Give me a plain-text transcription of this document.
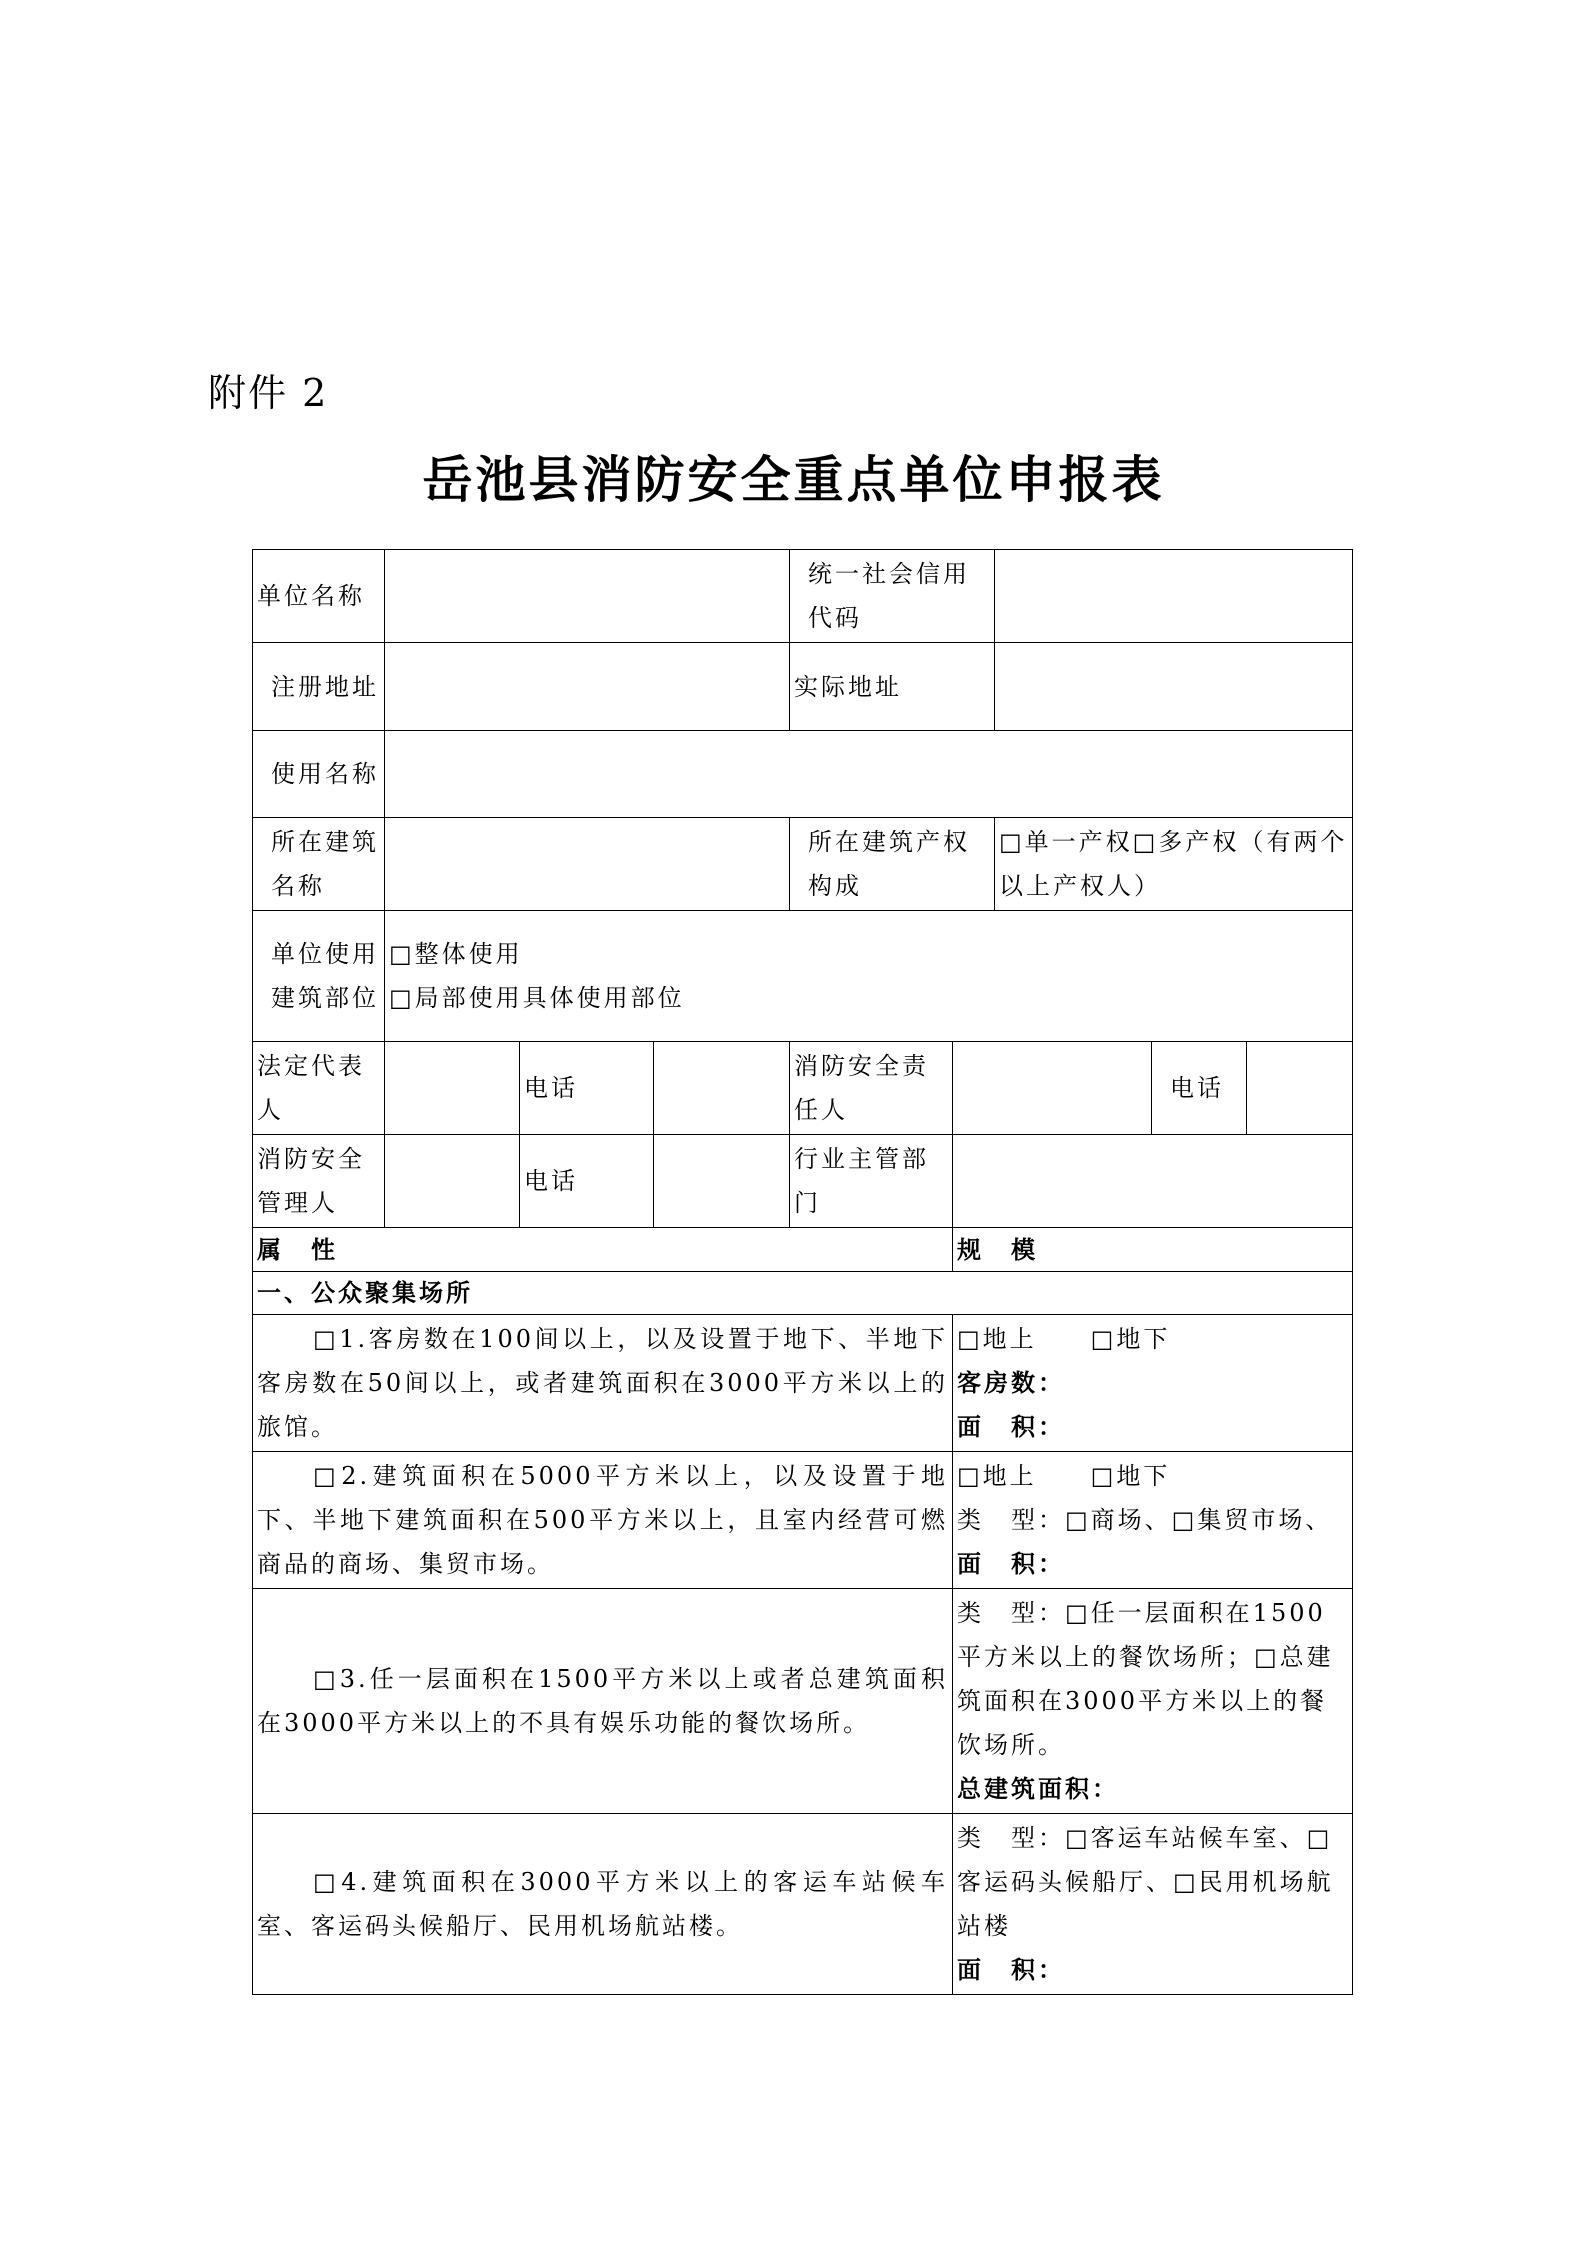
附件 2
岳池县消防安全重点单位申报表
单位名称				统一社会信用代码				
注册地址				实际地址				
使用名称								
所在建筑名称				所在建筑产权构成		□单一产权□多产权（有两个以上产权人）		
单位使用建筑部位	□整体使用
□局部使用具体使用部位							

法定代表人		电话		消防安全责任人			电话	
消防安全管理人		电话		行业主管部门				
属　性					规　模			
一、公众聚集场所								
□1.客房数在100间以上，以及设置于地下、半地下客房数在50间以上，或者建筑面积在3000平方米以上的旅馆。					□地上　　□地下
客房数：
面　积：			

□2.建筑面积在5000平方米以上，以及设置于地下、半地下建筑面积在500平方米以上，且室内经营可燃商品的商场、集贸市场。					□地上　　□地下
类　型：□商场、□集贸市场、
面　积：			

□3.任一层面积在1500平方米以上或者总建筑面积在3000平方米以上的不具有娱乐功能的餐饮场所。					类　型：□任一层面积在1500平方米以上的餐饮场所；□总建筑面积在3000平方米以上的餐饮场所。
总建筑面积：			

□4.建筑面积在3000平方米以上的客运车站候车室、客运码头候船厅、民用机场航站楼。					类　型：□客运车站候车室、□客运码头候船厅、□民用机场航站楼
面　积：			
